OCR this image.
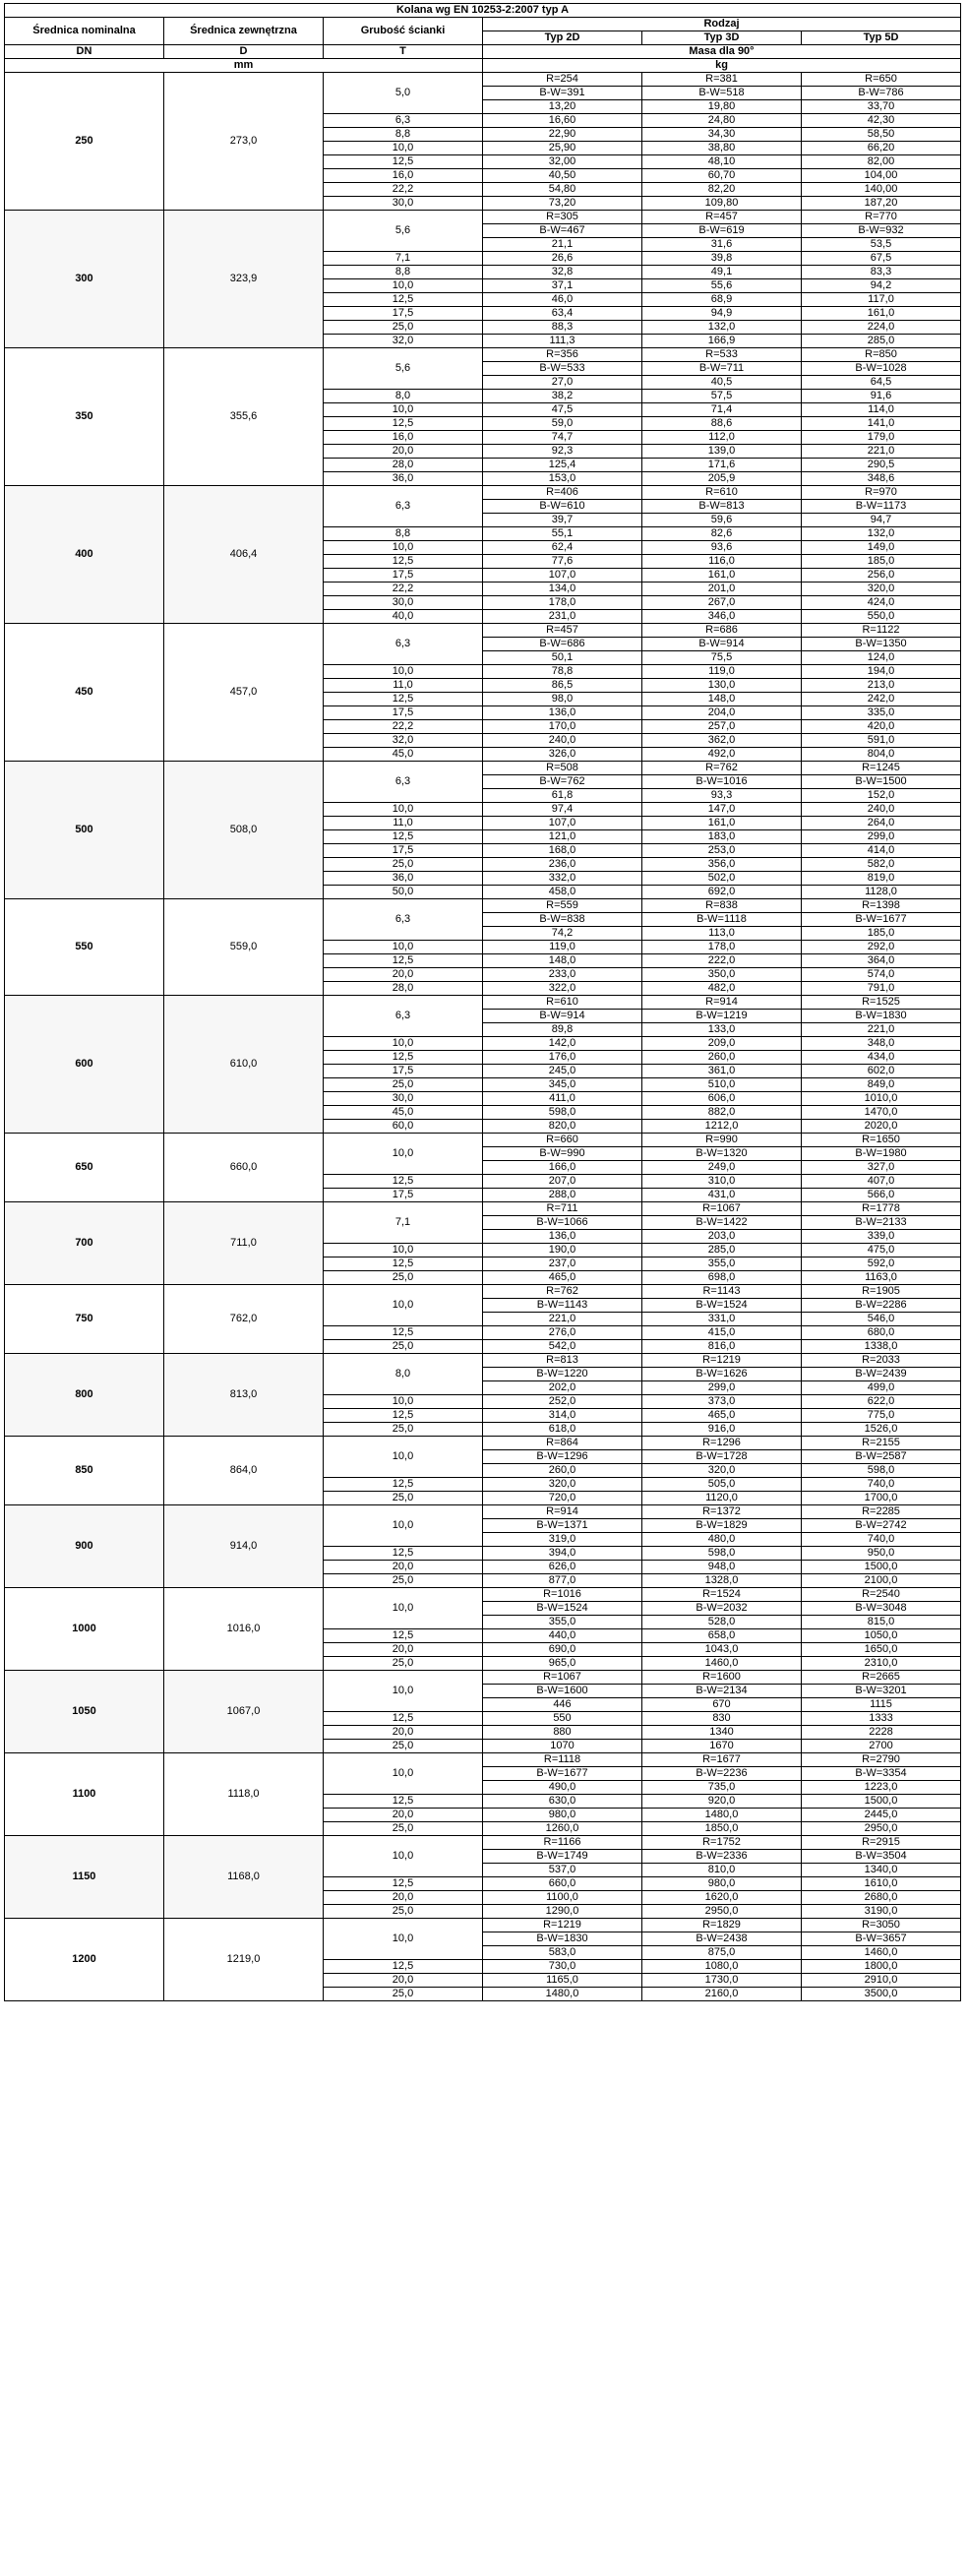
Kolana wg EN 10253-2:2007 typ A					
Średnica nominalna	Średnica zewnętrzna	Grubość ścianki	Rodzaj		
			Typ 2D	Typ 3D	Typ 5D
DN	D	T	Masa dla 90°		
mm			kg		
250	273,0	5,0	R=254	R=381	R=650
			B-W=391	B-W=518	B-W=786
			13,20	19,80	33,70
		6,3	16,60	24,80	42,30
		8,8	22,90	34,30	58,50
		10,0	25,90	38,80	66,20
		12,5	32,00	48,10	82,00
		16,0	40,50	60,70	104,00
		22,2	54,80	82,20	140,00
		30,0	73,20	109,80	187,20
300	323,9	5,6	R=305	R=457	R=770
			B-W=467	B-W=619	B-W=932
			21,1	31,6	53,5
		7,1	26,6	39,8	67,5
		8,8	32,8	49,1	83,3
		10,0	37,1	55,6	94,2
		12,5	46,0	68,9	117,0
		17,5	63,4	94,9	161,0
		25,0	88,3	132,0	224,0
		32,0	111,3	166,9	285,0
350	355,6	5,6	R=356	R=533	R=850
			B-W=533	B-W=711	B-W=1028
			27,0	40,5	64,5
		8,0	38,2	57,5	91,6
		10,0	47,5	71,4	114,0
		12,5	59,0	88,6	141,0
		16,0	74,7	112,0	179,0
		20,0	92,3	139,0	221,0
		28,0	125,4	171,6	290,5
		36,0	153,0	205,9	348,6
400	406,4	6,3	R=406	R=610	R=970
			B-W=610	B-W=813	B-W=1173
			39,7	59,6	94,7
		8,8	55,1	82,6	132,0
		10,0	62,4	93,6	149,0
		12,5	77,6	116,0	185,0
		17,5	107,0	161,0	256,0
		22,2	134,0	201,0	320,0
		30,0	178,0	267,0	424,0
		40,0	231,0	346,0	550,0
450	457,0	6,3	R=457	R=686	R=1122
			B-W=686	B-W=914	B-W=1350
			50,1	75,5	124,0
		10,0	78,8	119,0	194,0
		11,0	86,5	130,0	213,0
		12,5	98,0	148,0	242,0
		17,5	136,0	204,0	335,0
		22,2	170,0	257,0	420,0
		32,0	240,0	362,0	591,0
		45,0	326,0	492,0	804,0
500	508,0	6,3	R=508	R=762	R=1245
			B-W=762	B-W=1016	B-W=1500
			61,8	93,3	152,0
		10,0	97,4	147,0	240,0
		11,0	107,0	161,0	264,0
		12,5	121,0	183,0	299,0
		17,5	168,0	253,0	414,0
		25,0	236,0	356,0	582,0
		36,0	332,0	502,0	819,0
		50,0	458,0	692,0	1128,0
550	559,0	6,3	R=559	R=838	R=1398
			B-W=838	B-W=1118	B-W=1677
			74,2	113,0	185,0
		10,0	119,0	178,0	292,0
		12,5	148,0	222,0	364,0
		20,0	233,0	350,0	574,0
		28,0	322,0	482,0	791,0
600	610,0	6,3	R=610	R=914	R=1525
			B-W=914	B-W=1219	B-W=1830
			89,8	133,0	221,0
		10,0	142,0	209,0	348,0
		12,5	176,0	260,0	434,0
		17,5	245,0	361,0	602,0
		25,0	345,0	510,0	849,0
		30,0	411,0	606,0	1010,0
		45,0	598,0	882,0	1470,0
		60,0	820,0	1212,0	2020,0
650	660,0	10,0	R=660	R=990	R=1650
			B-W=990	B-W=1320	B-W=1980
			166,0	249,0	327,0
		12,5	207,0	310,0	407,0
		17,5	288,0	431,0	566,0
700	711,0	7,1	R=711	R=1067	R=1778
			B-W=1066	B-W=1422	B-W=2133
			136,0	203,0	339,0
		10,0	190,0	285,0	475,0
		12,5	237,0	355,0	592,0
		25,0	465,0	698,0	1163,0
750	762,0	10,0	R=762	R=1143	R=1905
			B-W=1143	B-W=1524	B-W=2286
			221,0	331,0	546,0
		12,5	276,0	415,0	680,0
		25,0	542,0	816,0	1338,0
800	813,0	8,0	R=813	R=1219	R=2033
			B-W=1220	B-W=1626	B-W=2439
			202,0	299,0	499,0
		10,0	252,0	373,0	622,0
		12,5	314,0	465,0	775,0
		25,0	618,0	916,0	1526,0
850	864,0	10,0	R=864	R=1296	R=2155
			B-W=1296	B-W=1728	B-W=2587
			260,0	320,0	598,0
		12,5	320,0	505,0	740,0
		25,0	720,0	1120,0	1700,0
900	914,0	10,0	R=914	R=1372	R=2285
			B-W=1371	B-W=1829	B-W=2742
			319,0	480,0	740,0
		12,5	394,0	598,0	950,0
		20,0	626,0	948,0	1500,0
		25,0	877,0	1328,0	2100,0
1000	1016,0	10,0	R=1016	R=1524	R=2540
			B-W=1524	B-W=2032	B-W=3048
			355,0	528,0	815,0
		12,5	440,0	658,0	1050,0
		20,0	690,0	1043,0	1650,0
		25,0	965,0	1460,0	2310,0
1050	1067,0	10,0	R=1067	R=1600	R=2665
			B-W=1600	B-W=2134	B-W=3201
			446	670	1115
		12,5	550	830	1333
		20,0	880	1340	2228
		25,0	1070	1670	2700
1100	1118,0	10,0	R=1118	R=1677	R=2790
			B-W=1677	B-W=2236	B-W=3354
			490,0	735,0	1223,0
		12,5	630,0	920,0	1500,0
		20,0	980,0	1480,0	2445,0
		25,0	1260,0	1850,0	2950,0
1150	1168,0	10,0	R=1166	R=1752	R=2915
			B-W=1749	B-W=2336	B-W=3504
			537,0	810,0	1340,0
		12,5	660,0	980,0	1610,0
		20,0	1100,0	1620,0	2680,0
		25,0	1290,0	2950,0	3190,0
1200	1219,0	10,0	R=1219	R=1829	R=3050
			B-W=1830	B-W=2438	B-W=3657
			583,0	875,0	1460,0
		12,5	730,0	1080,0	1800,0
		20,0	1165,0	1730,0	2910,0
		25,0	1480,0	2160,0	3500,0
